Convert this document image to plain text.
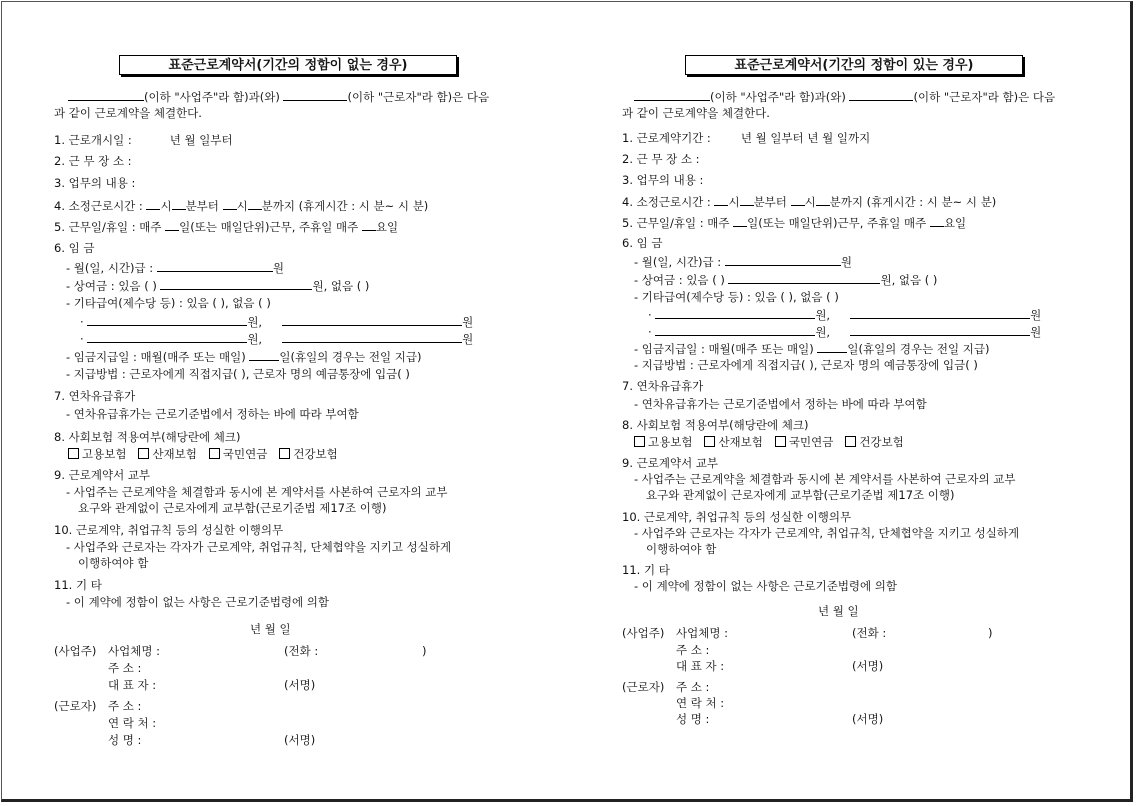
표준근로계약서(기간의 정함이 없는 경우)
(이하 "사업주"라 함)과(와)	(이하 "근로자"라 함)은 다음
과 같이 근로계약을 체결한다.
1. 근로개시일 :	년 월 일부터
2. 근 무 장 소 :
3. 업무의 내용 :
4. 소정근로시간 : 시 분부터 시 분까지 (휴게시간 : 시 분~ 시 분)
5. 근무일/휴일 : 매주 일(또는 매일단위)근무, 주휴일 매주 요일
6. 임 금
- 월(일, 시간)급 :	원
- 상여금 : 있음 ( )	원, 없음 ( )
- 기타급여(제수당 등) : 있음 ( ), 없음 ( )
·	원,	원
·	원,	원
- 임금지급일 : 매월(매주 또는 매일)	일(휴일의 경우는 전일 지급)
- 지급방법 : 근로자에게 직접지급( ), 근로자 명의 예금통장에 입금( )
7. 연차유급휴가
- 연차유급휴가는 근로기준법에서 정하는 바에 따라 부여함
8. 사회보험 적용여부(해당란에 체크)
고용보험 산재보험 국민연금 건강보험
9. 근로계약서 교부
- 사업주는 근로계약을 체결함과 동시에 본 계약서를 사본하여 근로자의 교부
요구와 관계없이 근로자에게 교부함(근로기준법 제17조 이행)
10. 근로계약, 취업규칙 등의 성실한 이행의무
- 사업주와 근로자는 각자가 근로계약, 취업규칙, 단체협약을 지키고 성실하게
이행하여야 함
11. 기 타
- 이 계약에 정함이 없는 사항은 근로기준법령에 의함
년 월 일
(사업주) 사업체명 :	(전화 :	)
주 소 :
대 표 자 :	(서명)
(근로자) 주 소 :
연 락 처 :
성 명 :	(서명)
표준근로계약서(기간의 정함이 있는 경우)
(이하 "사업주"라 함)과(와)	(이하 "근로자"라 함)은 다음
과 같이 근로계약을 체결한다.
1. 근로계약기간 :	년 월 일부터 년 월 일까지
2. 근 무 장 소 :
3. 업무의 내용 :
4. 소정근로시간 : 시 분부터 시 분까지 (휴게시간 : 시 분~ 시 분)
5. 근무일/휴일 : 매주 일(또는 매일단위)근무, 주휴일 매주 요일
6. 임 금
- 월(일, 시간)급 :	원
- 상여금 : 있음 ( )	원, 없음 ( )
- 기타급여(제수당 등) : 있음 ( ), 없음 ( )
·	원,	원
·	원,	원
- 임금지급일 : 매월(매주 또는 매일)	일(휴일의 경우는 전일 지급)
- 지급방법 : 근로자에게 직접지급( ), 근로자 명의 예금통장에 입금( )
7. 연차유급휴가
- 연차유급휴가는 근로기준법에서 정하는 바에 따라 부여함
8. 사회보험 적용여부(해당란에 체크)
고용보험 산재보험 국민연금 건강보험
9. 근로계약서 교부
- 사업주는 근로계약을 체결함과 동시에 본 계약서를 사본하여 근로자의 교부
요구와 관계없이 근로자에게 교부함(근로기준법 제17조 이행)
10. 근로계약, 취업규칙 등의 성실한 이행의무
- 사업주와 근로자는 각자가 근로계약, 취업규칙, 단체협약을 지키고 성실하게
이행하여야 함
11. 기 타
- 이 계약에 정함이 없는 사항은 근로기준법령에 의함
년 월 일
(사업주) 사업체명 :	(전화 :	)
주 소 :
대 표 자 :	(서명)
(근로자) 주 소 :
연 락 처 :
성 명 :	(서명)
